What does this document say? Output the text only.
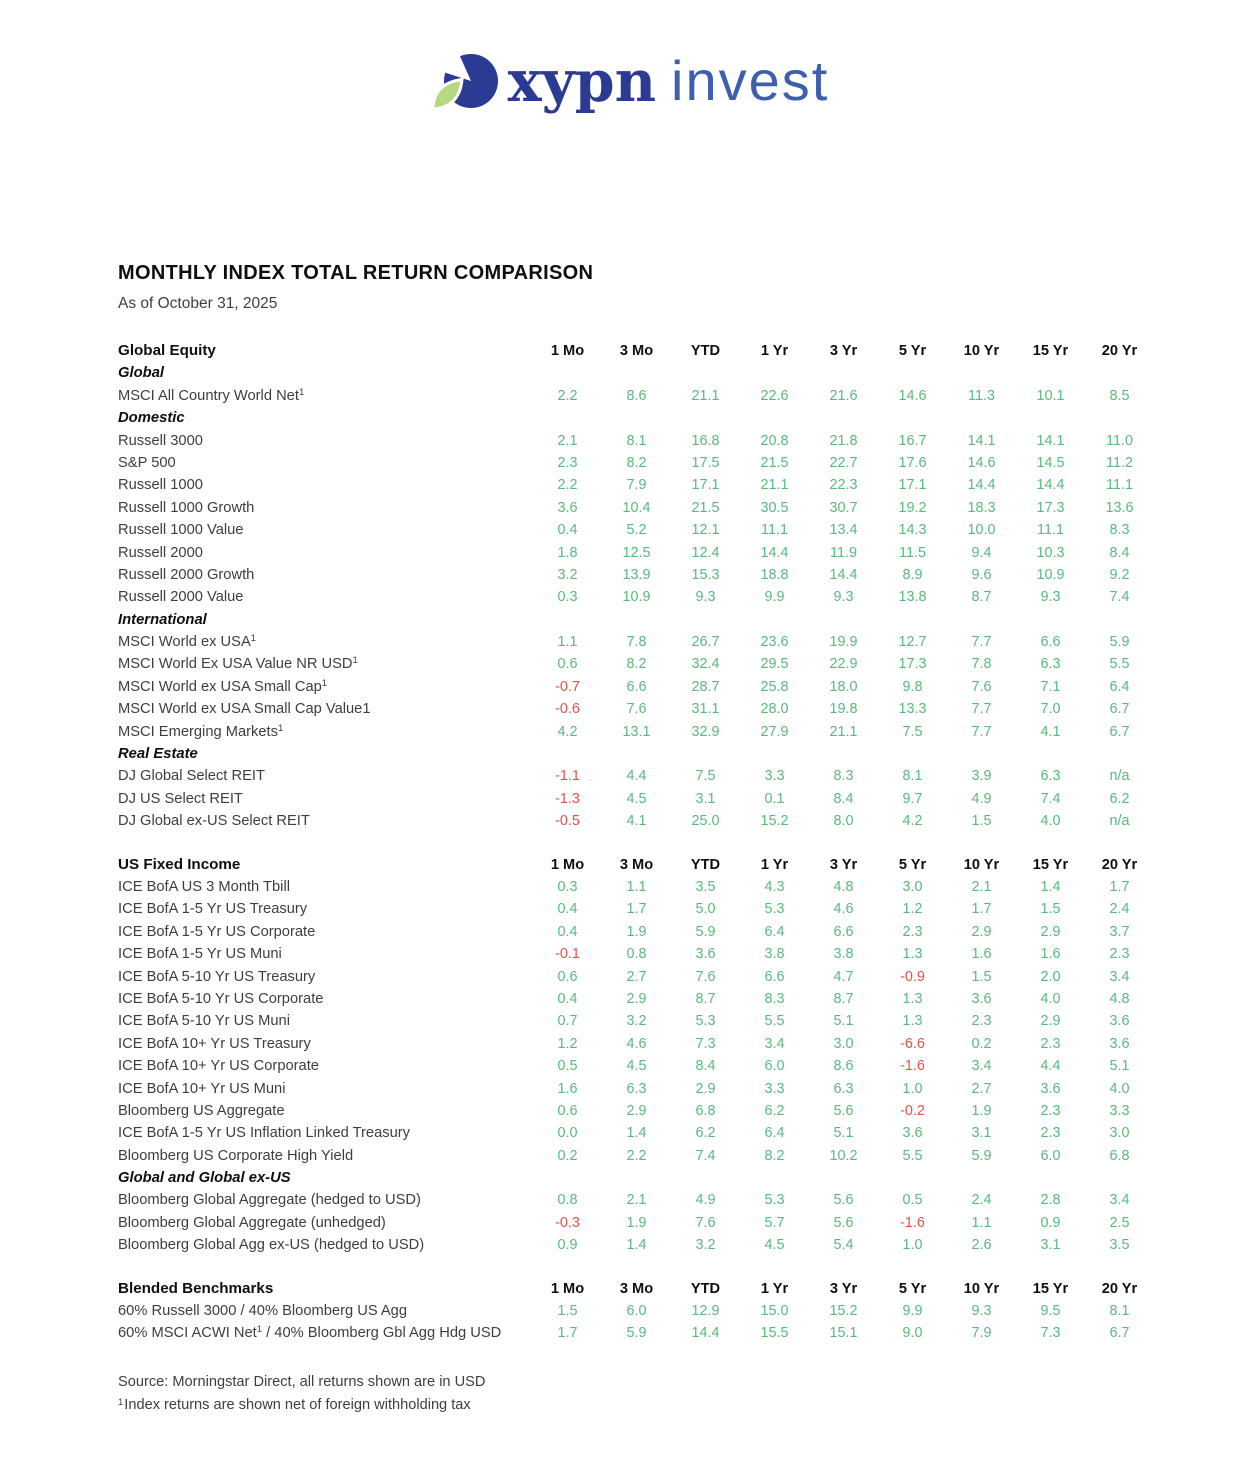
xypn invest
MONTHLY INDEX TOTAL RETURN COMPARISON
As of October 31, 2025
Global Equity	1 Mo	3 Mo	YTD	1 Yr	3 Yr	5 Yr	10 Yr	15 Yr	20 Yr
Global
MSCI All Country World Net$^1$	2.2	8.6	21.1	22.6	21.6	14.6	11.3	10.1	8.5
Domestic
Russell 3000	2.1	8.1	16.8	20.8	21.8	16.7	14.1	14.1	11.0
S&P 500	2.3	8.2	17.5	21.5	22.7	17.6	14.6	14.5	11.2
Russell 1000	2.2	7.9	17.1	21.1	22.3	17.1	14.4	14.4	11.1
Russell 1000 Growth	3.6	10.4	21.5	30.5	30.7	19.2	18.3	17.3	13.6
Russell 1000 Value	0.4	5.2	12.1	11.1	13.4	14.3	10.0	11.1	8.3
Russell 2000	1.8	12.5	12.4	14.4	11.9	11.5	9.4	10.3	8.4
Russell 2000 Growth	3.2	13.9	15.3	18.8	14.4	8.9	9.6	10.9	9.2
Russell 2000 Value	0.3	10.9	9.3	9.9	9.3	13.8	8.7	9.3	7.4
International
MSCI World ex USA$^1$	1.1	7.8	26.7	23.6	19.9	12.7	7.7	6.6	5.9
MSCI World Ex USA Value NR USD$^1$	0.6	8.2	32.4	29.5	22.9	17.3	7.8	6.3	5.5
MSCI World ex USA Small Cap$^1$	-0.7	6.6	28.7	25.8	18.0	9.8	7.6	7.1	6.4
MSCI World ex USA Small Cap Value1	-0.6	7.6	31.1	28.0	19.8	13.3	7.7	7.0	6.7
MSCI Emerging Markets$^1$	4.2	13.1	32.9	27.9	21.1	7.5	7.7	4.1	6.7
Real Estate
DJ Global Select REIT	-1.1	4.4	7.5	3.3	8.3	8.1	3.9	6.3	n/a
DJ US Select REIT	-1.3	4.5	3.1	0.1	8.4	9.7	4.9	7.4	6.2
DJ Global ex-US Select REIT	-0.5	4.1	25.0	15.2	8.0	4.2	1.5	4.0	n/a
US Fixed Income	1 Mo	3 Mo	YTD	1 Yr	3 Yr	5 Yr	10 Yr	15 Yr	20 Yr
ICE BofA US 3 Month Tbill	0.3	1.1	3.5	4.3	4.8	3.0	2.1	1.4	1.7
ICE BofA 1-5 Yr US Treasury	0.4	1.7	5.0	5.3	4.6	1.2	1.7	1.5	2.4
ICE BofA 1-5 Yr US Corporate	0.4	1.9	5.9	6.4	6.6	2.3	2.9	2.9	3.7
ICE BofA 1-5 Yr US Muni	-0.1	0.8	3.6	3.8	3.8	1.3	1.6	1.6	2.3
ICE BofA 5-10 Yr US Treasury	0.6	2.7	7.6	6.6	4.7	-0.9	1.5	2.0	3.4
ICE BofA 5-10 Yr US Corporate	0.4	2.9	8.7	8.3	8.7	1.3	3.6	4.0	4.8
ICE BofA 5-10 Yr US Muni	0.7	3.2	5.3	5.5	5.1	1.3	2.3	2.9	3.6
ICE BofA 10+ Yr US Treasury	1.2	4.6	7.3	3.4	3.0	-6.6	0.2	2.3	3.6
ICE BofA 10+ Yr US Corporate	0.5	4.5	8.4	6.0	8.6	-1.6	3.4	4.4	5.1
ICE BofA 10+ Yr US Muni	1.6	6.3	2.9	3.3	6.3	1.0	2.7	3.6	4.0
Bloomberg US Aggregate	0.6	2.9	6.8	6.2	5.6	-0.2	1.9	2.3	3.3
ICE BofA 1-5 Yr US Inflation Linked Treasury	0.0	1.4	6.2	6.4	5.1	3.6	3.1	2.3	3.0
Bloomberg US Corporate High Yield	0.2	2.2	7.4	8.2	10.2	5.5	5.9	6.0	6.8
Global and Global ex-US
Bloomberg Global Aggregate (hedged to USD)	0.8	2.1	4.9	5.3	5.6	0.5	2.4	2.8	3.4
Bloomberg Global Aggregate (unhedged)	-0.3	1.9	7.6	5.7	5.6	-1.6	1.1	0.9	2.5
Bloomberg Global Agg ex-US (hedged to USD)	0.9	1.4	3.2	4.5	5.4	1.0	2.6	3.1	3.5
Blended Benchmarks	1 Mo	3 Mo	YTD	1 Yr	3 Yr	5 Yr	10 Yr	15 Yr	20 Yr
60% Russell 3000 / 40% Bloomberg US Agg	1.5	6.0	12.9	15.0	15.2	9.9	9.3	9.5	8.1
60% MSCI ACWI Net$^1$ / 40% Bloomberg Gbl Agg Hdg USD	1.7	5.9	14.4	15.5	15.1	9.0	7.9	7.3	6.7
Source: Morningstar Direct, all returns shown are in USD
$^1$Index returns are shown net of foreign withholding tax
